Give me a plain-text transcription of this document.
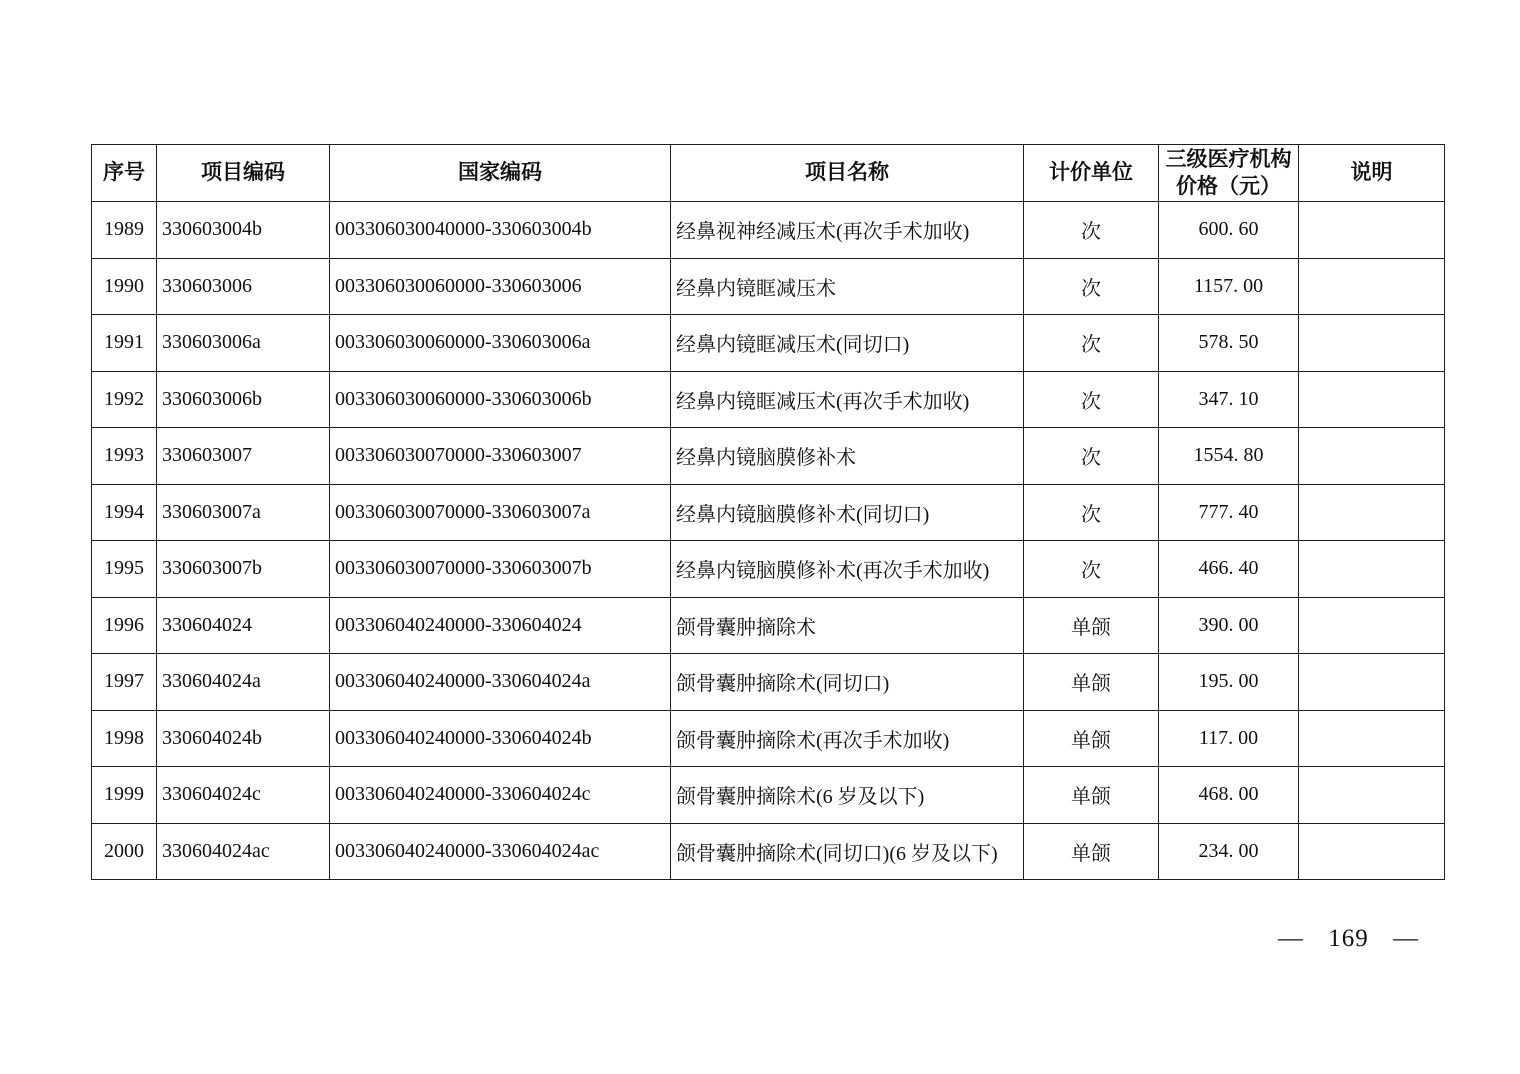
序号	项目编码	国家编码	项目名称	计价单位	三级医疗机构价格（元）	说明
1989	330603004b	003306030040000-330603004b	经鼻视神经减压术(再次手术加收)	次	600. 60	
1990	330603006	003306030060000-330603006	经鼻内镜眶减压术	次	1157. 00	
1991	330603006a	003306030060000-330603006a	经鼻内镜眶减压术(同切口)	次	578. 50	
1992	330603006b	003306030060000-330603006b	经鼻内镜眶减压术(再次手术加收)	次	347. 10	
1993	330603007	003306030070000-330603007	经鼻内镜脑膜修补术	次	1554. 80	
1994	330603007a	003306030070000-330603007a	经鼻内镜脑膜修补术(同切口)	次	777. 40	
1995	330603007b	003306030070000-330603007b	经鼻内镜脑膜修补术(再次手术加收)	次	466. 40	
1996	330604024	003306040240000-330604024	颌骨囊肿摘除术	单颌	390. 00	
1997	330604024a	003306040240000-330604024a	颌骨囊肿摘除术(同切口)	单颌	195. 00	
1998	330604024b	003306040240000-330604024b	颌骨囊肿摘除术(再次手术加收)	单颌	117. 00	
1999	330604024c	003306040240000-330604024c	颌骨囊肿摘除术(6 岁及以下)	单颌	468. 00	
2000	330604024ac	003306040240000-330604024ac	颌骨囊肿摘除术(同切口)(6 岁及以下)	单颌	234. 00	
— 169 —
